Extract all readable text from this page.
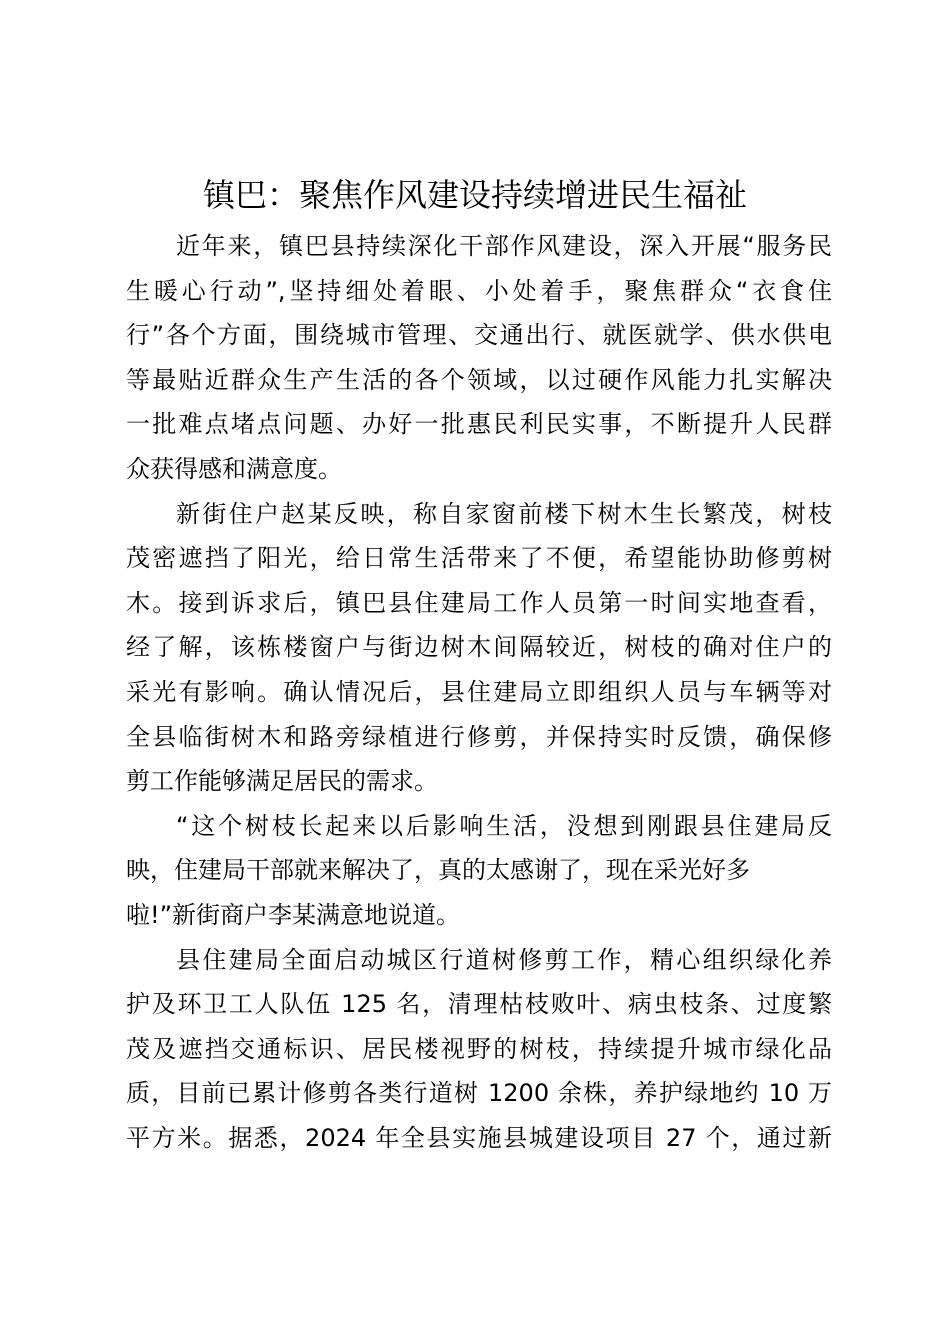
镇巴：聚焦作风建设持续增进民生福祉
近年来，镇巴县持续深化干部作风建设，深入开展“服务民
生暖心行动”,坚持细处着眼、小处着手，聚焦群众“衣食住
行”各个方面，围绕城市管理、交通出行、就医就学、供水供电
等最贴近群众生产生活的各个领域，以过硬作风能力扎实解决
一批难点堵点问题、办好一批惠民利民实事，不断提升人民群
众获得感和满意度。
新街住户赵某反映，称自家窗前楼下树木生长繁茂，树枝
茂密遮挡了阳光，给日常生活带来了不便，希望能协助修剪树
木。接到诉求后，镇巴县住建局工作人员第一时间实地查看，
经了解，该栋楼窗户与街边树木间隔较近，树枝的确对住户的
采光有影响。确认情况后，县住建局立即组织人员与车辆等对
全县临街树木和路旁绿植进行修剪，并保持实时反馈，确保修
剪工作能够满足居民的需求。
“这个树枝长起来以后影响生活，没想到刚跟县住建局反
映，住建局干部就来解决了，真的太感谢了，现在采光好多
啦!”新街商户李某满意地说道。
县住建局全面启动城区行道树修剪工作，精心组织绿化养
护及环卫工人队伍 125 名，清理枯枝败叶、病虫枝条、过度繁
茂及遮挡交通标识、居民楼视野的树枝，持续提升城市绿化品
质，目前已累计修剪各类行道树 1200 余株，养护绿地约 10 万
平方米。据悉，2024 年全县实施县城建设项目 27 个，通过新
